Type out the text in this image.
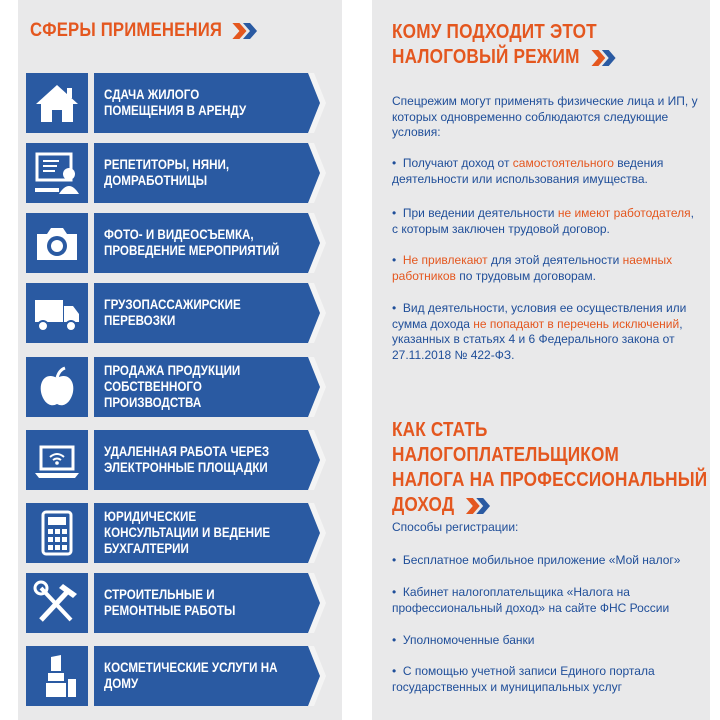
СФЕРЫ ПРИМЕНЕНИЯ
СДАЧА ЖИЛОГО ПОМЕЩЕНИЯ В АРЕНДУ
РЕПЕТИТОРЫ, НЯНИ, ДОМРАБОТНИЦЫ
ФОТО- И ВИДЕОСЪЕМКА, ПРОВЕДЕНИЕ МЕРОПРИЯТИЙ
ГРУЗОПАССАЖИРСКИЕ ПЕРЕВОЗКИ
ПРОДАЖА ПРОДУКЦИИ СОБСТВЕННОГО ПРОИЗВОДСТВА
УДАЛЕННАЯ РАБОТА ЧЕРЕЗ ЭЛЕКТРОННЫЕ ПЛОЩАДКИ
ЮРИДИЧЕСКИЕ КОНСУЛЬТАЦИИ И ВЕДЕНИЕ БУХГАЛТЕРИИ
СТРОИТЕЛЬНЫЕ И РЕМОНТНЫЕ РАБОТЫ
КОСМЕТИЧЕСКИЕ УСЛУГИ НА ДОМУ
КОМУ ПОДХОДИТ ЭТОТ
НАЛОГОВЫЙ РЕЖИМ
Спецрежим могут применять физические лица и ИП, у которых одновременно соблюдаются следующие условия:
•  Получают доход от самостоятельного ведения деятельности или использования имущества.
•  При ведении деятельности не имеют работодателя, с которым заключен трудовой договор.
•  Не привлекают для этой деятельности наемных работников по трудовым договорам.
•  Вид деятельности, условия ее осуществления или сумма дохода не попадают в перечень исключений, указанных в статьях 4 и 6 Федерального закона от 27.11.2018 № 422-ФЗ.
КАК СТАТЬ НАЛОГОПЛАТЕЛЬЩИКОМ
НАЛОГА НА ПРОФЕССИОНАЛЬНЫЙ
ДОХОД
Способы регистрации:
•  Бесплатное мобильное приложение «Мой налог»
•  Кабинет налогоплательщика «Налога на профессиональный доход» на сайте ФНС России
•  Уполномоченные банки
•  С помощью учетной записи Единого портала государственных и муниципальных услуг
